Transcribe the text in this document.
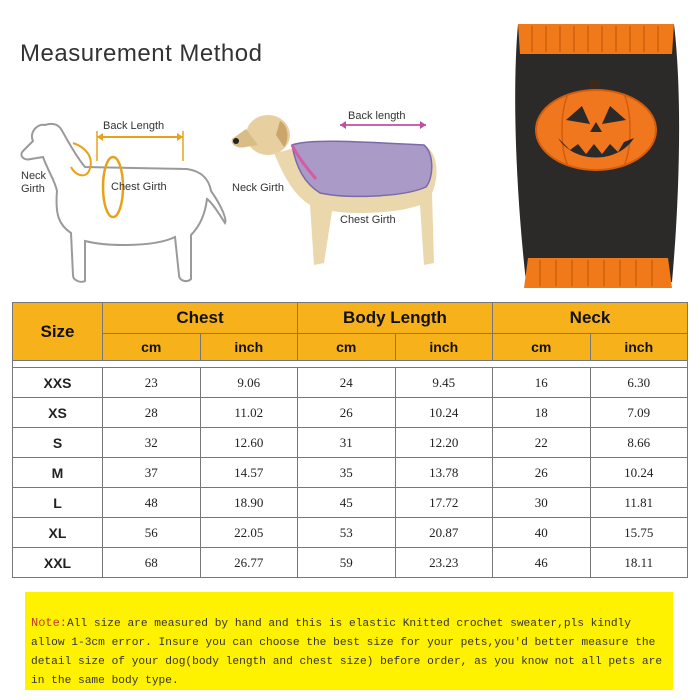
Measurement Method
Back Length
Neck
Girth	Chest Girth
Back length
Neck Girth
Chest Girth
Size	Chest		Body Length		Neck	
	cm	inch	cm	inch	cm	inch

XXS	23	9.06	24	9.45	16	6.30
XS	28	11.02	26	10.24	18	7.09
S	32	12.60	31	12.20	22	8.66
M	37	14.57	35	13.78	26	10.24
L	48	18.90	45	17.72	30	11.81
XL	56	22.05	53	20.87	40	15.75
XXL	68	26.77	59	23.23	46	18.11
Note:All size are measured by hand and this is elastic Knitted crochet sweater,pls kindly allow 1-3cm error. Insure you can choose the best size for your pets,you'd better measure the detail size of your dog(body length and chest size) before order, as you know not all pets are in the same body type.
